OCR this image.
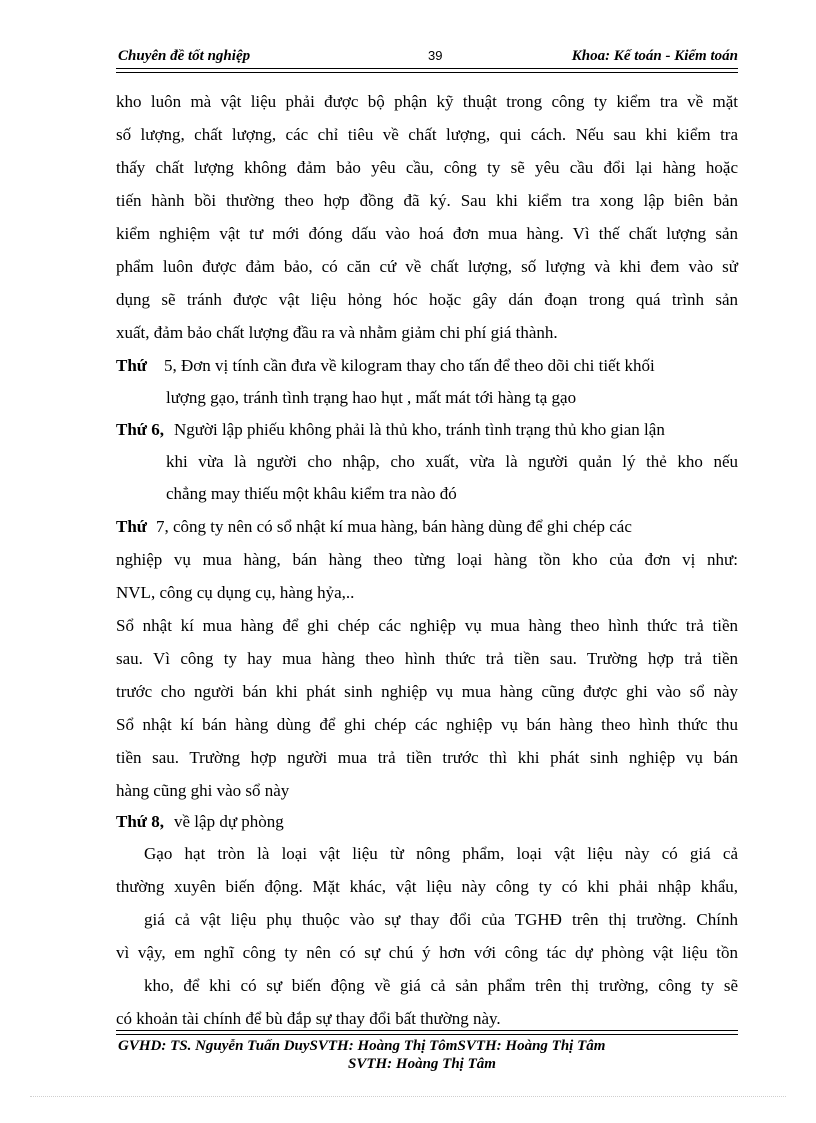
Chuyên đề tốt nghiệp	39	Khoa: Kế toán - Kiểm toán
kho luôn mà vật liệu phải được bộ phận kỹ thuật trong công ty kiểm tra về mặt
số lượng, chất lượng, các chỉ tiêu về chất lượng, qui cách. Nếu sau khi kiểm tra
thấy chất lượng không đảm bảo yêu cầu, công ty sẽ yêu cầu đổi lại hàng hoặc
tiến hành bồi thường theo hợp đồng đã ký. Sau khi kiểm tra xong lập biên bản
kiểm nghiệm vật tư mới đóng dấu vào hoá đơn mua hàng. Vì thế chất lượng sản
phẩm luôn được đảm bảo, có căn cứ về chất lượng, số lượng và khi đem vào sử
dụng sẽ tránh được vật liệu hỏng hóc hoặc gây dán đoạn trong quá trình sản
xuất, đảm bảo chất lượng đầu ra và nhằm giảm chi phí giá thành.
Thứ 5, Đơn vị tính cần đưa về kilogram thay cho tấn để theo dõi chi tiết khối
lượng gạo, tránh tình trạng hao hụt , mất mát tới hàng tạ gạo
Thứ 6, Người lập phiếu không phải là thủ kho, tránh tình trạng thủ kho gian lận
khi vừa là người cho nhập, cho xuất, vừa là người quản lý thẻ kho nếu
chẳng may thiếu một khâu kiểm tra nào đó
Thứ 7, công ty nên có sổ nhật kí mua hàng, bán hàng dùng để ghi chép các
nghiệp vụ mua hàng, bán hàng theo từng loại hàng tồn kho của đơn vị như:
NVL, công cụ dụng cụ, hàng hỷa,..
Sổ nhật kí mua hàng để ghi chép các nghiệp vụ mua hàng theo hình thức trả tiền
sau. Vì công ty hay mua hàng theo hình thức trả tiền sau. Trường hợp trả tiền
trước cho người bán khi phát sinh nghiệp vụ mua hàng cũng được ghi vào sổ này
Sổ nhật kí bán hàng dùng để ghi chép các nghiệp vụ bán hàng theo hình thức thu
tiền sau. Trường hợp người mua trả tiền trước thì khi phát sinh nghiệp vụ bán
hàng cũng ghi vào sổ này
Thứ 8, về lập dự phòng
Gạo hạt tròn là loại vật liệu từ nông phẩm, loại vật liệu này có giá cả
thường xuyên biến động. Mặt khác, vật liệu này công ty có khi phải nhập khẩu,
giá cả vật liệu phụ thuộc vào sự thay đổi của TGHĐ trên thị trường. Chính
vì vậy, em nghĩ công ty nên có sự chú ý hơn với công tác dự phòng vật liệu tồn
kho, để khi có sự biến động về giá cả sản phẩm trên thị trường, công ty sẽ
có khoản tài chính để bù đắp sự thay đổi bất thường này.
GVHD: TS. Nguyễn Tuấn DuySVTH: Hoàng Thị TômSVTH: Hoàng Thị Tâm
SVTH: Hoàng Thị Tâm
